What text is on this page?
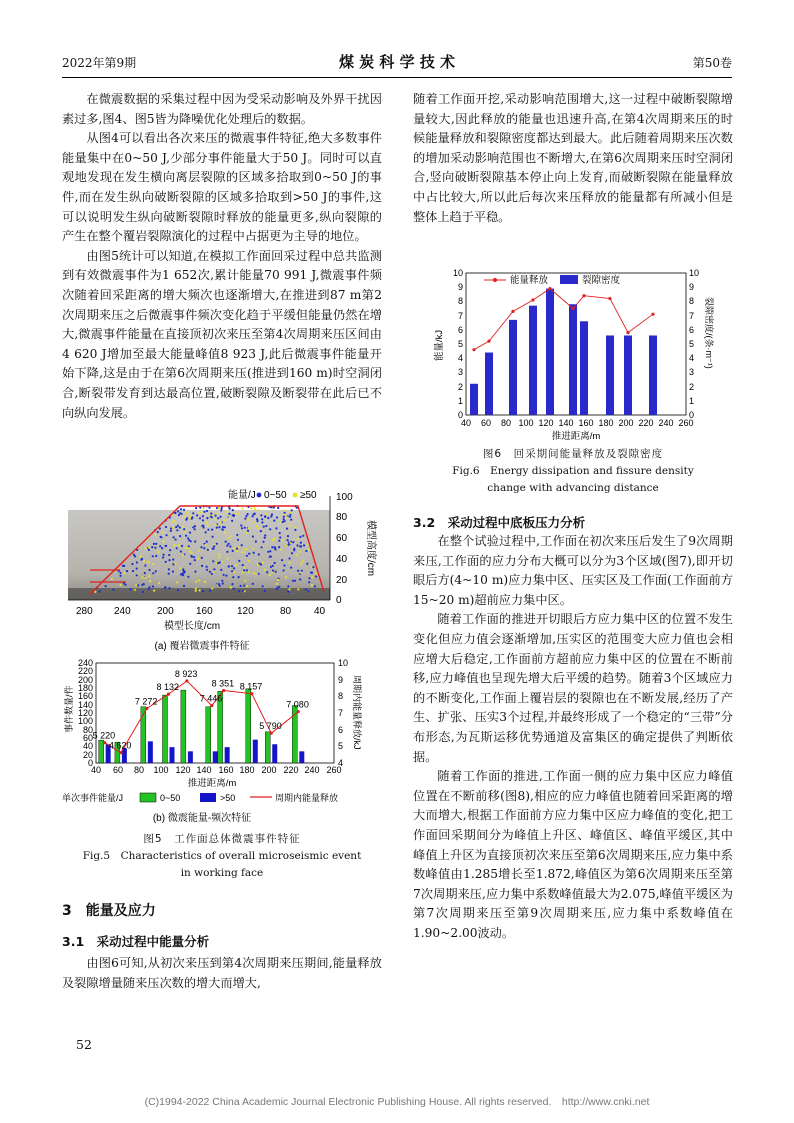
2022年第9期	煤 炭 科 学 技 术	第50卷

在微震数据的采集过程中因为受采动影响及外界干扰因素过多,图4、图5皆为降噪优化处理后的数据。

从图4可以看出各次来压的微震事件特征,绝大多数事件能量集中在0~50 J,少部分事件能量大于50 J。同时可以直观地发现在发生横向离层裂隙的区域多拾取到0~50 J的事件,而在发生纵向破断裂隙的区域多拾取到>50 J的事件,这可以说明发生纵向破断裂隙时释放的能量更多,纵向裂隙的产生在整个覆岩裂隙演化的过程中占据更为主导的地位。

由图5统计可以知道,在模拟工作面回采过程中总共监测到有效微震事件为1 652次,累计能量70 991 J,微震事件频次随着回采距离的增大频次也逐渐增大,在推进到87 m第2次周期来压之后微震事件频次变化趋于平缓但能量仍然在增大,微震事件能量在直接顶初次来压至第4次周期来压区间由4 620 J增加至最大能量峰值8 923 J,此后微震事件能量开始下降,这是由于在第6次周期来压(推进到160 m)时空洞闭合,断裂带发育到达最高位置,破断裂隙及断裂带在此后已不向纵向发展。

能量/J 0~50 ≥50 100
80
60
40
20
0
模型高度/cm
280 240	200 160 120	80 40
模型长度/cm
(a) 覆岩微震事件特征
240
220
200
180
160
140
120
100
80
60
40
20
0
10
9
8
7
6
5
4
40 60 80 100 120 140 160 180 200 220 240 260
事件数量/件	周期内能量释放/kJ
推进距离/m
5 220
4 620
7 272
8 132
8 923
7 446
8 351 8 157
5 790
7 080
单次事件能量/J	0~50	>50	周期内能量释放
(b) 微震能量-频次特征
图5　工作面总体微震事件特征
Fig.5　Characteristics of overall microseismic event
in working face
3　能量及应力
3.1　采动过程中能量分析

由图6可知,从初次来压到第4次周期来压期间,能量释放及裂隙增量随来压次数的增大而增大,

52

随着工作面开挖,采动影响范围增大,这一过程中破断裂隙增量较大,因此释放的能量也迅速升高,在第4次周期来压的时候能量释放和裂隙密度都达到最大。此后随着周期来压次数的增加采动影响范围也不断增大,在第6次周期来压时空洞闭合,竖向破断裂隙基本停止向上发育,而破断裂隙在能量释放中占比较大,所以此后每次来压释放的能量都有所减小但是整体上趋于平稳。

10
9
8
7
6
5
4
3
2
1
0
10
9
8
7
6
5
4
3
2
1
0
40 60 80 100 120 140 160 180 200 220 240 260
能量/kJ	裂隙密度/(条·m⁻¹)
推进距离/m
能量释放	裂隙密度
图6　回采期间能量释放及裂隙密度
Fig.6　Energy dissipation and fissure density
change with advancing distance
3.2　采动过程中底板压力分析

在整个试验过程中,工作面在初次来压后发生了9次周期来压,工作面的应力分布大概可以分为3个区域(图7),即开切眼后方(4~10 m)应力集中区、压实区及工作面(工作面前方15~20 m)超前应力集中区。

随着工作面的推进开切眼后方应力集中区的位置不发生变化但应力值会逐渐增加,压实区的范围变大应力值也会相应增大后稳定,工作面前方超前应力集中区的位置在不断前移,应力峰值也呈现先增大后平缓的趋势。随着3个区域应力的不断变化,工作面上覆岩层的裂隙也在不断发展,经历了产生、扩张、压实3个过程,并最终形成了一个稳定的“三带”分布形态,为瓦斯运移优势通道及富集区的确定提供了判断依据。

随着工作面的推进,工作面一侧的应力集中区应力峰值位置在不断前移(图8),相应的应力峰值也随着回采距离的增大而增大,根据工作面前方应力集中区应力峰值的变化,把工作面回采期间分为峰值上升区、峰值区、峰值平缓区,其中峰值上升区为直接顶初次来压至第6次周期来压,应力集中系数峰值由1.285增长至1.872,峰值区为第6次周期来压至第7次周期来压,应力集中系数峰值最大为2.075,峰值平缓区为第7次周期来压至第9次周期来压,应力集中系数峰值在1.90~2.00波动。

(C)1994-2022 China Academic Journal Electronic Publishing House. All rights reserved.　http://www.cnki.net
